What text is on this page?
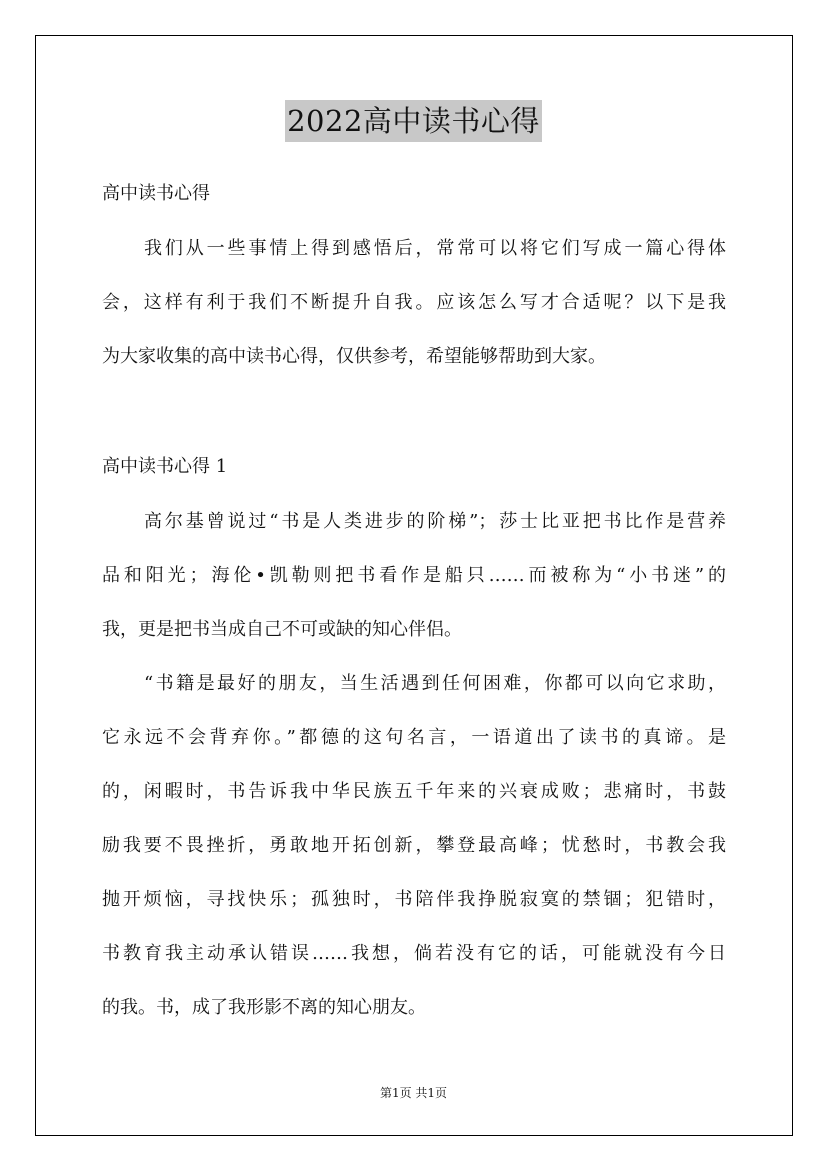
2022高中读书心得
高中读书心得
我们从一些事情上得到感悟后，常常可以将它们写成一篇心得体
会，这样有利于我们不断提升自我。应该怎么写才合适呢？以下是我
为大家收集的高中读书心得，仅供参考，希望能够帮助到大家。
高中读书心得 1
高尔基曾说过“书是人类进步的阶梯”；莎士比亚把书比作是营养
品和阳光；海伦•凯勒则把书看作是船只……而被称为“小书迷”的
我，更是把书当成自己不可或缺的知心伴侣。
“书籍是最好的朋友，当生活遇到任何困难，你都可以向它求助，
它永远不会背弃你。”都德的这句名言，一语道出了读书的真谛。是
的，闲暇时，书告诉我中华民族五千年来的兴衰成败；悲痛时，书鼓
励我要不畏挫折，勇敢地开拓创新，攀登最高峰；忧愁时，书教会我
抛开烦恼，寻找快乐；孤独时，书陪伴我挣脱寂寞的禁锢；犯错时，
书教育我主动承认错误……我想，倘若没有它的话，可能就没有今日
的我。书，成了我形影不离的知心朋友。
第1页 共1页
